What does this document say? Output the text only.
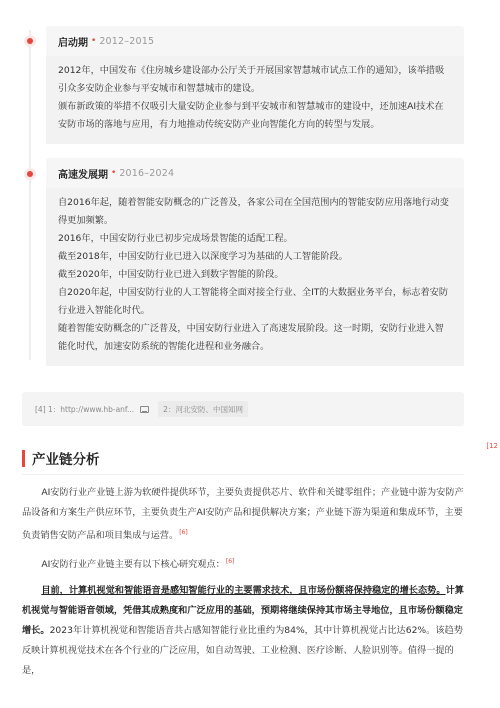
启动期 • 2012–2015

2012年，中国发布《住房城乡建设部办公厅关于开展国家智慧城市试点工作的通知》，该举措吸引众多安防企业参与平安城市和智慧城市的建设。

颁布新政策的举措不仅吸引大量安防企业参与到平安城市和智慧城市的建设中，还加速AI技术在安防市场的落地与应用，有力地推动传统安防产业向智能化方向的转型与发展。

高速发展期 • 2016–2024

自2016年起，随着智能安防概念的广泛普及，各家公司在全国范围内的智能安防应用落地行动变得更加频繁。

2016年，中国安防行业已初步完成场景智能的适配工程。

截至2018年，中国安防行业已进入以深度学习为基础的人工智能阶段。

截至2020年，中国安防行业已进入到数字智能的阶段。

自2020年起，中国安防行业的人工智能将全面对接全行业、全IT的大数据业务平台，标志着安防行业进入智能化时代。

随着智能安防概念的广泛普及，中国安防行业进入了高速发展阶段。这一时期，安防行业进入智能化时代，加速安防系统的智能化进程和业务融合。

[4] 1：http://www.hb-anf...	2：河北安防、中国知网
[12
产业链分析

AI安防行业产业链上游为软硬件提供环节，主要负责提供芯片、软件和关键零组件；产业链中游为安防产品设备和方案生产供应环节，主要负责生产AI安防产品和提供解决方案；产业链下游为渠道和集成环节，主要负责销售安防产品和项目集成与运营。[6]

AI安防行业产业链主要有以下核心研究观点：[6]

目前，计算机视觉和智能语音是感知智能行业的主要需求技术，且市场份额将保持稳定的增长态势。计算机视觉与智能语音领域，凭借其成熟度和广泛应用的基础，预期将继续保持其市场主导地位，且市场份额稳定增长。2023年计算机视觉和智能语音共占感知智能行业比重约为84%，其中计算机视觉占比达62%。该趋势反映计算机视觉技术在各个行业的广泛应用，如自动驾驶、工业检测、医疗诊断、人脸识别等。值得一提的是，
